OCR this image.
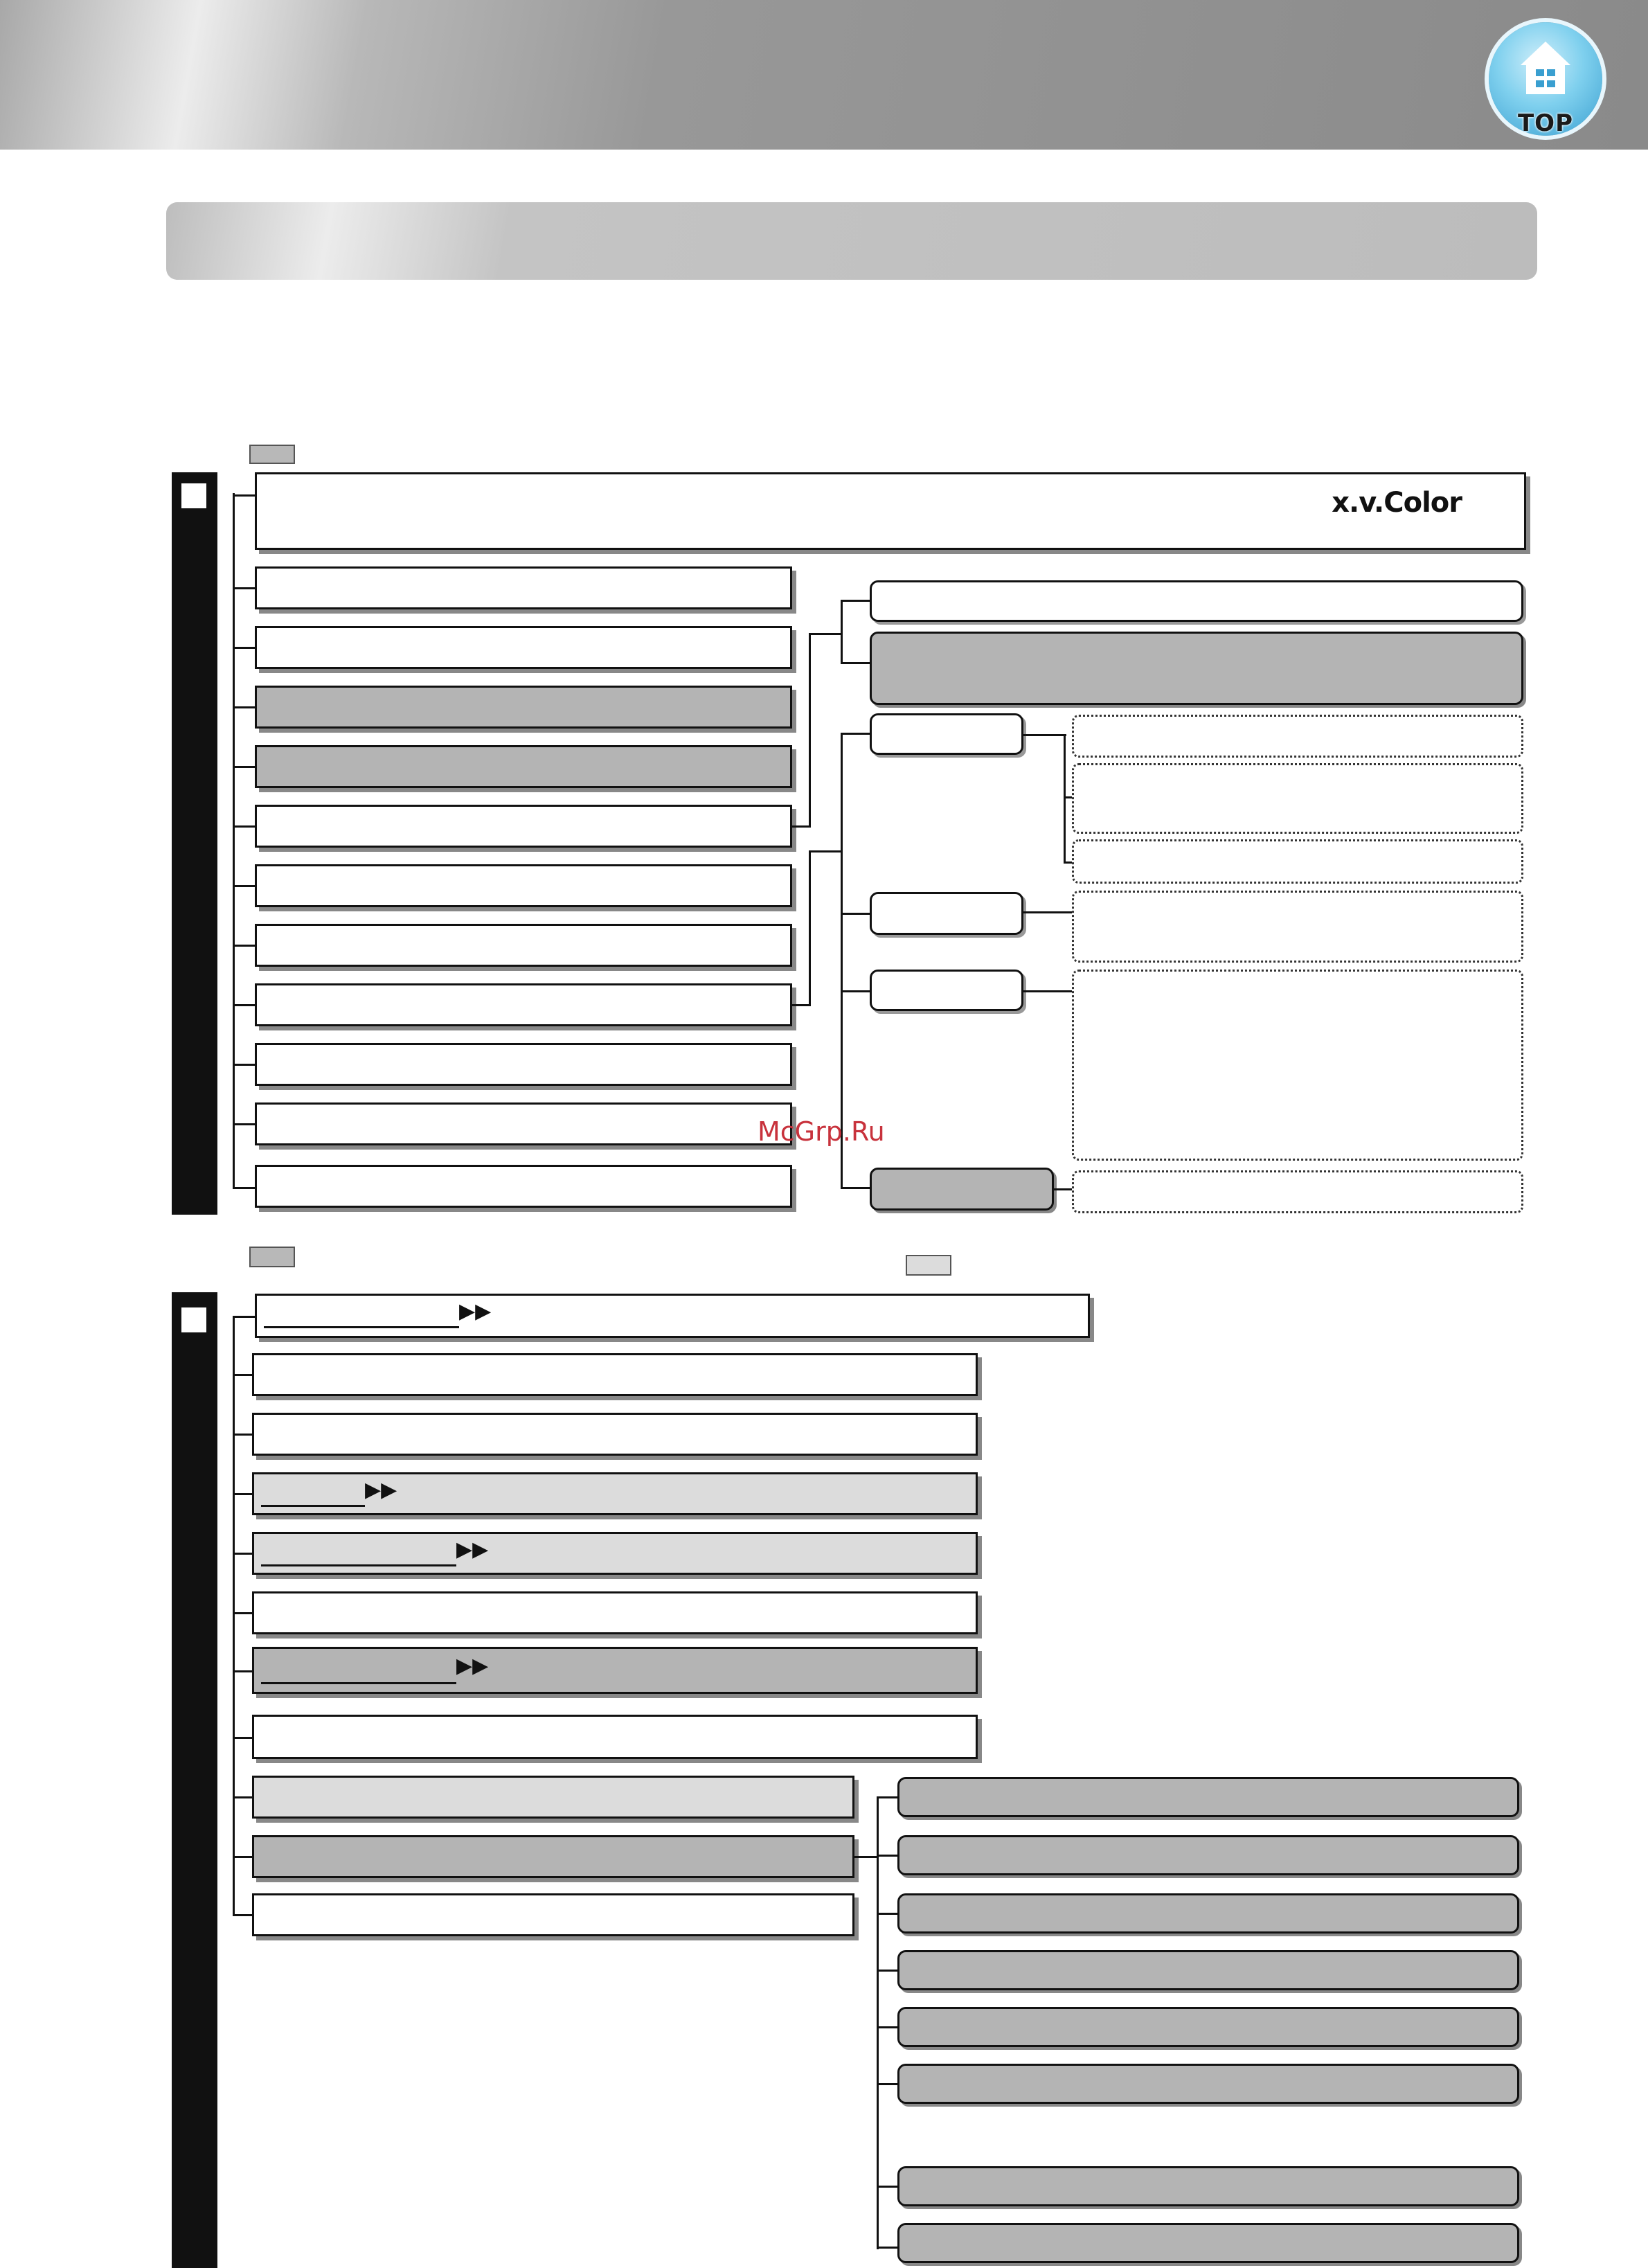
TOP
x.v.Color
McGrp.Ru
▶▶
▶▶
▶▶
▶▶
